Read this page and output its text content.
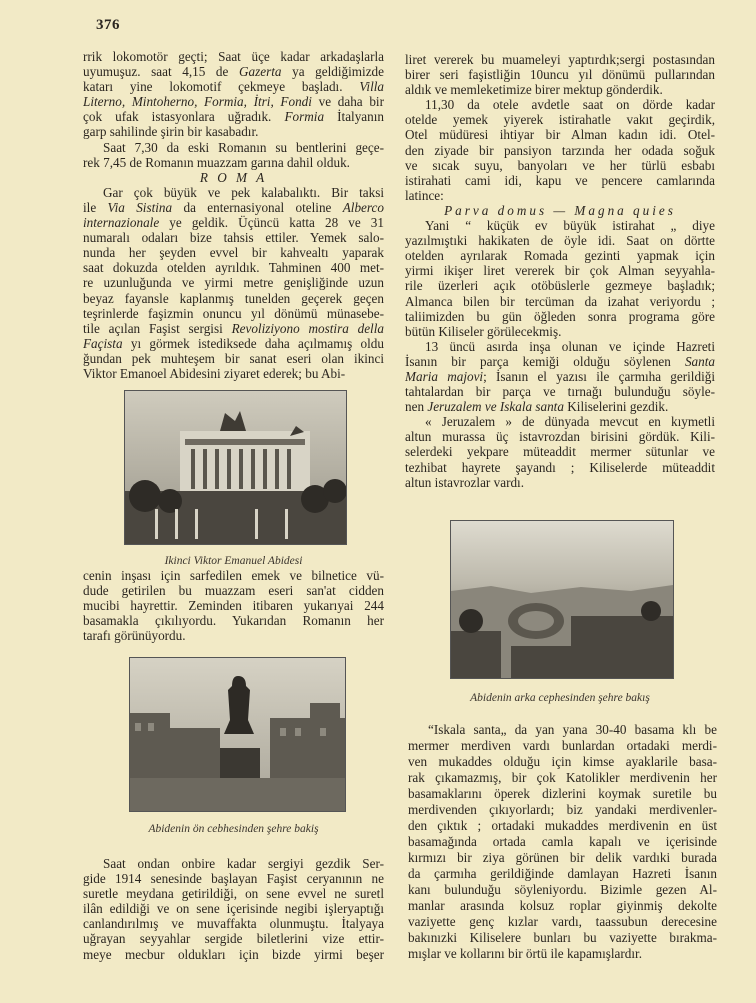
376
rrik lokomotör geçti; Saat üçe kadar arkadaşlarla
uyumuşuz. saat 4,15 de Gazerta ya geldiğimizde
katarı yine lokomotif çekmeye başladı. Villa
Literno, Mintoherno, Formia, İtri, Fondi ve daha bir
çok ufak istasyonlara uğradık. Formia İtalyanın
garp sahilinde şirin bir kasabadır.
Saat 7,30 da eski Romanın su bentlerini geçe-
rek 7,45 de Romanın muazzam garına dahil olduk.
R O M A
Gar çok büyük ve pek kalabalıktı. Bir taksi
ile Via Sistina da enternasiyonal oteline Alberco
internazionale ye geldik. Üçüncü katta 28 ve 31
numaralı odaları bize tahsis ettiler. Yemek salo-
nunda her şeyden evvel bir kahvealtı yaparak
saat dokuzda otelden ayrıldık. Tahminen 400 met-
re uzunluğunda ve yirmi metre genişliğinde uzun
beyaz fayansle kaplanmış tunelden geçerek geçen
teşrinlerde faşizmin onuncu yıl dönümü münasebe-
tile açılan Faşist sergisi Revoliziyono mostira della
Façista yı görmek istediksede daha açılmamış oldu
ğundan pek muhteşem bir sanat eseri olan ikinci
Viktor Emanoel Abidesini ziyaret ederek; bu Abi-
Ikinci Viktor Emanuel Abidesi
cenin inşası için sarfedilen emek ve bilnetice vü-
dude getirilen bu muazzam eseri san'at cidden
mucibi hayrettir. Zeminden itibaren yukarıyai 244
basamakla çıkılıyordu. Yukarıdan Romanın her
tarafı görünüyordu.
Abidenin ön cebhesinden şehre bakiş
Saat ondan onbire kadar sergiyi gezdik Ser-
gide 1914 senesinde başlayan Faşist ceryanının ne
suretle meydana getirildiği, on sene evvel ne suretl
ilân edildiği ve on sene içerisinde negibi işleryaptığı
canlandırılmış ve muvaffakta olunmuştu. İtalyaya
uğrayan seyyahlar sergide biletlerini vize ettir-
meye mecbur oldukları için bizde yirmi beşer
liret vererek bu muameleyi yaptırdık;sergi postasından
birer seri faşistliğin 10uncu yıl dönümü pullarından
aldık ve memleketimize birer mektup gönderdik.
11,30 da otele avdetle saat on dörde kadar
otelde yemek yiyerek istirahatle vakıt geçirdik,
Otel müdüresi ihtiyar bir Alman kadın idi. Otel-
den ziyade bir pansiyon tarzında her odada soğuk
ve sıcak suyu, banyoları ve her türlü esbabı
istirahati cami idi, kapu ve pencere camlarında
latince:
Parva domus — Magna quies
Yani “ küçük ev büyük istirahat „ diye
yazılmıştıki hakikaten de öyle idi. Saat on dörtte
otelden ayrılarak Romada gezinti yapmak için
yirmi ikişer liret vererek bir çok Alman seyyahla-
rile üzerleri açık otöbüslerle gezmeye başladık;
Almanca bilen bir tercüman da izahat veriyordu ;
taliimizden bu gün öğleden sonra programa göre
bütün Kiliseler görülecekmiş.
13 üncü asırda inşa olunan ve içinde Hazreti
İsanın bir parça kemiği olduğu söylenen Santa
Maria majovi; İsanın el yazısı ile çarmıha gerildiği
tahtalardan bir parça ve tırnağı bulunduğu söyle-
nen Jeruzalem ve Iskala santa Kiliselerini gezdik.
« Jeruzalem » de dünyada mevcut en kıymetli
altun murassa üç istavrozdan birisini gördük. Kili-
selerdeki yekpare müteaddit mermer sütunlar ve
tezhibat hayrete şayandı ; Kiliselerde müteaddit
altun istavrozlar vardı.
Abidenin arka cephesinden şehre bakış
“Iskala santa„ da yan yana 30-40 basama klı be
mermer merdiven vardı bunlardan ortadaki merdi-
ven mukaddes olduğu için kimse ayaklarile basa-
rak çıkamazmış, bir çok Katolikler merdivenin her
basamaklarını öperek dizlerini koymak suretile bu
merdivenden çıkıyorlardı; biz yandaki merdivenler-
den çıktık ; ortadaki mukaddes merdivenin en üst
basamağında ortada camla kapalı ve içerisinde
kırmızı bir ziya görünen bir delik vardıki burada
da çarmıha gerildiğinde damlayan Hazreti İsanın
kanı bulunduğu söyleniyordu. Bizimle gezen Al-
manlar arasında kolsuz roplar giyinmiş dekolte
vaziyette genç kızlar vardı, taassubun derecesine
bakınızki Kiliselere bunları bu vaziyette bırakma-
mışlar ve kollarını bir örtü ile kapamışlardır.
